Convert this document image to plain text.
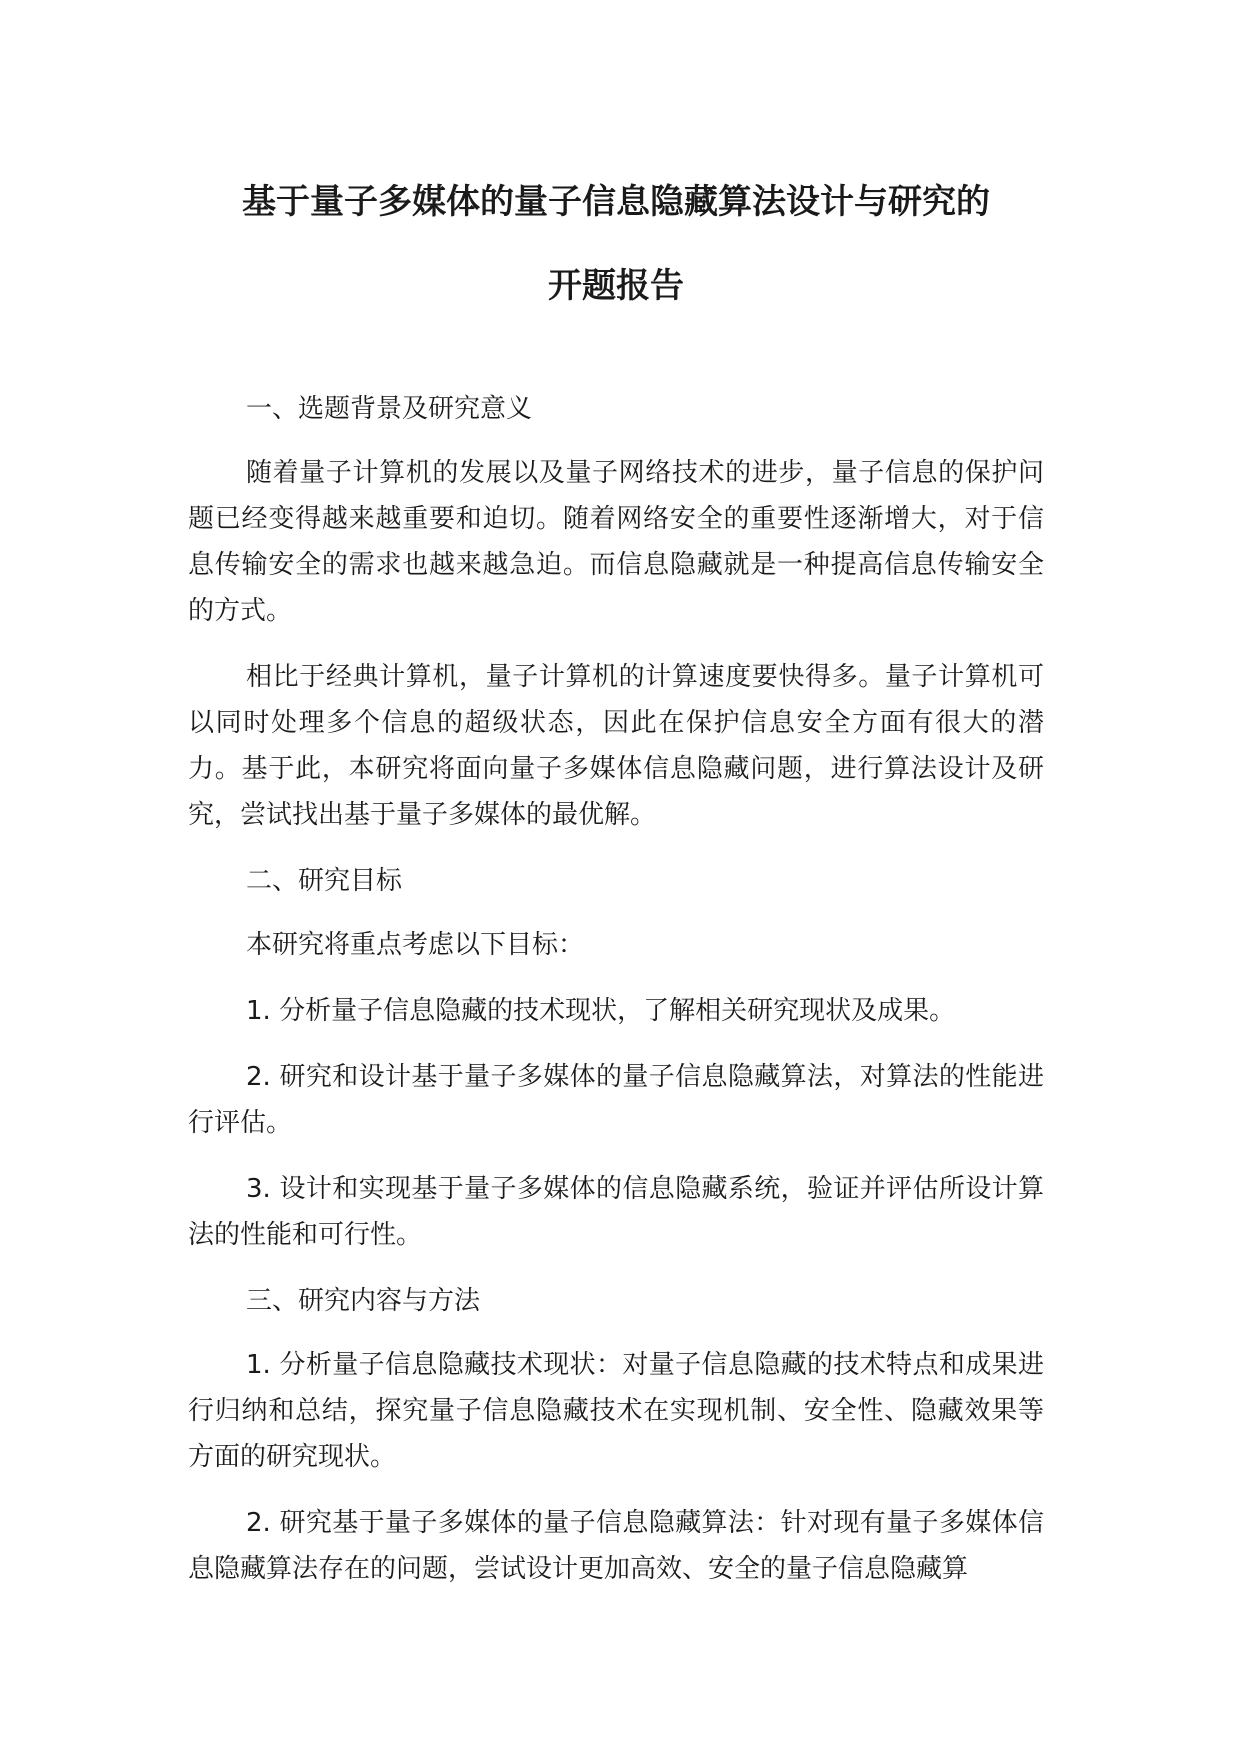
基于量子多媒体的量子信息隐藏算法设计与研究的
开题报告

一、选题背景及研究意义

随着量子计算机的发展以及量子网络技术的进步，量子信息的保护问题已经变得越来越重要和迫切。随着网络安全的重要性逐渐增大，对于信息传输安全的需求也越来越急迫。而信息隐藏就是一种提高信息传输安全的方式。

相比于经典计算机，量子计算机的计算速度要快得多。量子计算机可以同时处理多个信息的超级状态，因此在保护信息安全方面有很大的潜力。基于此，本研究将面向量子多媒体信息隐藏问题，进行算法设计及研究，尝试找出基于量子多媒体的最优解。

二、研究目标

本研究将重点考虑以下目标：

1. 分析量子信息隐藏的技术现状，了解相关研究现状及成果。

2. 研究和设计基于量子多媒体的量子信息隐藏算法，对算法的性能进行评估。

3. 设计和实现基于量子多媒体的信息隐藏系统，验证并评估所设计算法的性能和可行性。

三、研究内容与方法

1. 分析量子信息隐藏技术现状：对量子信息隐藏的技术特点和成果进行归纳和总结，探究量子信息隐藏技术在实现机制、安全性、隐藏效果等方面的研究现状。

2. 研究基于量子多媒体的量子信息隐藏算法：针对现有量子多媒体信息隐藏算法存在的问题，尝试设计更加高效、安全的量子信息隐藏算
